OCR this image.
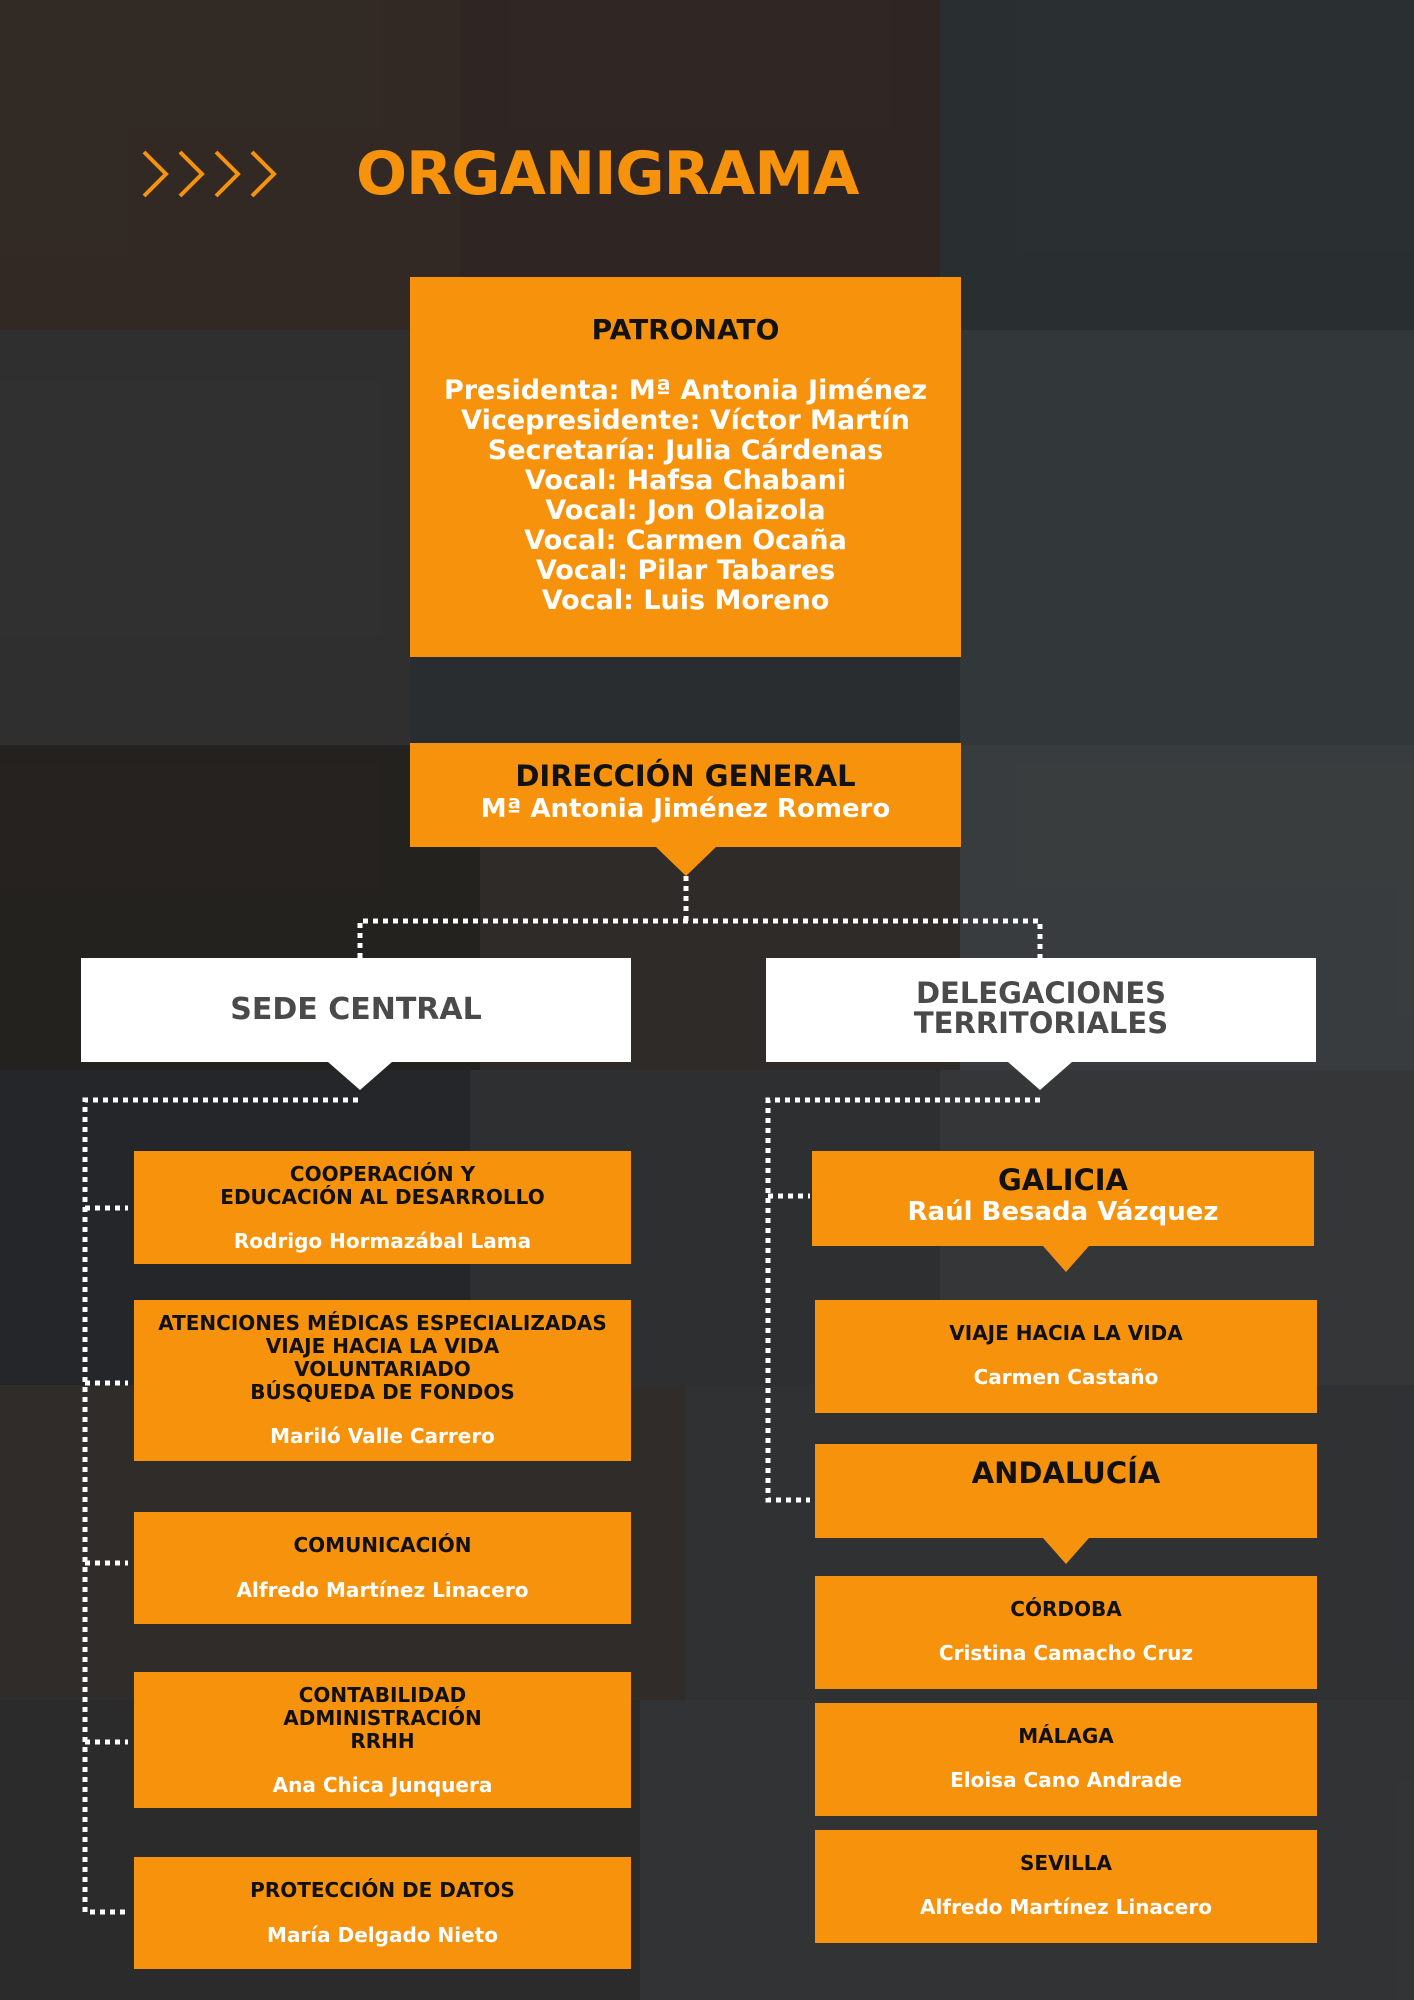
ORGANIGRAMA
PATRONATO
Presidenta: Mª Antonia Jiménez
Vicepresidente: Víctor Martín
Secretaría: Julia Cárdenas
Vocal: Hafsa Chabani
Vocal: Jon Olaizola
Vocal: Carmen Ocaña
Vocal: Pilar Tabares
Vocal: Luis Moreno
DIRECCIÓN GENERAL
Mª Antonia Jiménez Romero
SEDE CENTRAL	DELEGACIONES
TERRITORIALES
COOPERACIÓN Y
EDUCACIÓN AL DESARROLLO
Rodrigo Hormazábal Lama
ATENCIONES MÉDICAS ESPECIALIZADAS
VIAJE HACIA LA VIDA
VOLUNTARIADO
BÚSQUEDA DE FONDOS
Mariló Valle Carrero
COMUNICACIÓN
Alfredo Martínez Linacero
CONTABILIDAD
ADMINISTRACIÓN
RRHH
Ana Chica Junquera
PROTECCIÓN DE DATOS
María Delgado Nieto
GALICIA
Raúl Besada Vázquez
VIAJE HACIA LA VIDA
Carmen Castaño
ANDALUCÍA
CÓRDOBA
Cristina Camacho Cruz
MÁLAGA
Eloisa Cano Andrade
SEVILLA
Alfredo Martínez Linacero
